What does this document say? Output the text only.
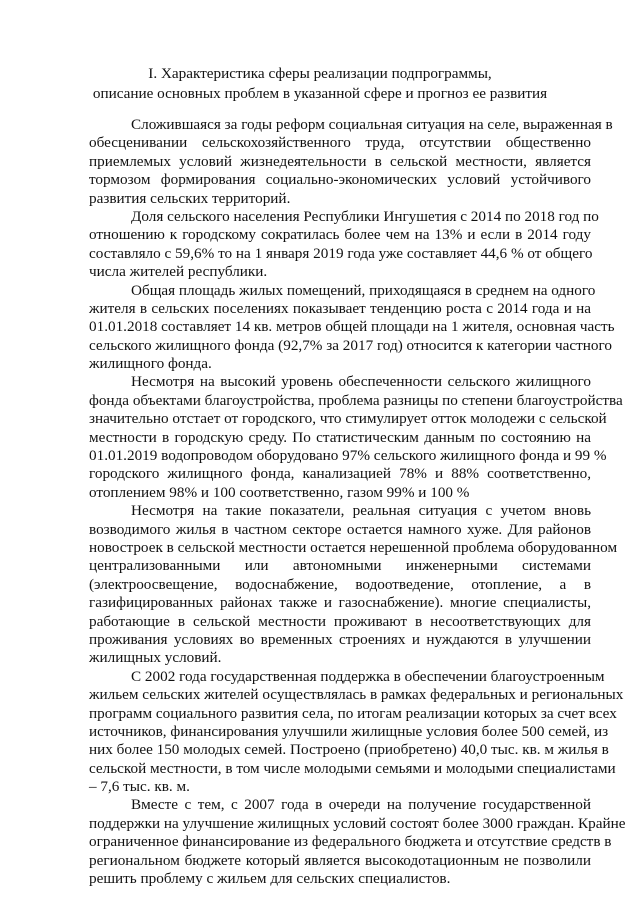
I. Характеристика сферы реализации подпрограммы,
описание основных проблем в указанной сфере и прогноз ее развития
Сложившаяся за годы реформ социальная ситуация на селе, выраженная в
обесценивании сельскохозяйственного труда, отсутствии общественно
приемлемых условий жизнедеятельности в сельской местности, является
тормозом формирования социально-экономических условий устойчивого
развития сельских территорий.
Доля сельского населения Республики Ингушетия с 2014 по 2018 год по
отношению к городскому сократилась более чем на 13% и если в 2014 году
составляло с 59,6% то на 1 января 2019 года уже составляет 44,6 % от общего
числа жителей республики.
Общая площадь жилых помещений, приходящаяся в среднем на одного
жителя в сельских поселениях показывает тенденцию роста с 2014 года и на
01.01.2018 составляет 14 кв. метров общей площади на 1 жителя, основная часть
сельского жилищного фонда (92,7% за 2017 год) относится к категории частного
жилищного фонда.
Несмотря на высокий уровень обеспеченности сельского жилищного
фонда объектами благоустройства, проблема разницы по степени благоустройства
значительно отстает от городского, что стимулирует отток молодежи с сельской
местности в городскую среду. По статистическим данным по состоянию на
01.01.2019 водопроводом оборудовано 97% сельского жилищного фонда и 99 %
городского жилищного фонда, канализацией 78% и 88% соответственно,
отоплением 98% и 100 соответственно, газом 99% и 100 %
Несмотря на такие показатели, реальная ситуация с учетом вновь
возводимого жилья в частном секторе остается намного хуже. Для районов
новостроек в сельской местности остается нерешенной проблема оборудованном
централизованными или автономными инженерными системами
(электроосвещение, водоснабжение, водоотведение, отопление, а в
газифицированных районах также и газоснабжение). многие специалисты,
работающие в сельской местности проживают в несоответствующих для
проживания условиях во временных строениях и нуждаются в улучшении
жилищных условий.
С 2002 года государственная поддержка в обеспечении благоустроенным
жильем сельских жителей осуществлялась в рамках федеральных и региональных
программ социального развития села, по итогам реализации которых за счет всех
источников, финансирования улучшили жилищные условия более 500 семей, из
них более 150 молодых семей. Построено (приобретено) 40,0 тыс. кв. м жилья в
сельской местности, в том числе молодыми семьями и молодыми специалистами
– 7,6 тыс. кв. м.
Вместе с тем, с 2007 года в очереди на получение государственной
поддержки на улучшение жилищных условий состоят более 3000 граждан. Крайне
ограниченное финансирование из федерального бюджета и отсутствие средств в
региональном бюджете который является высокодотационным не позволили
решить проблему с жильем для сельских специалистов.
